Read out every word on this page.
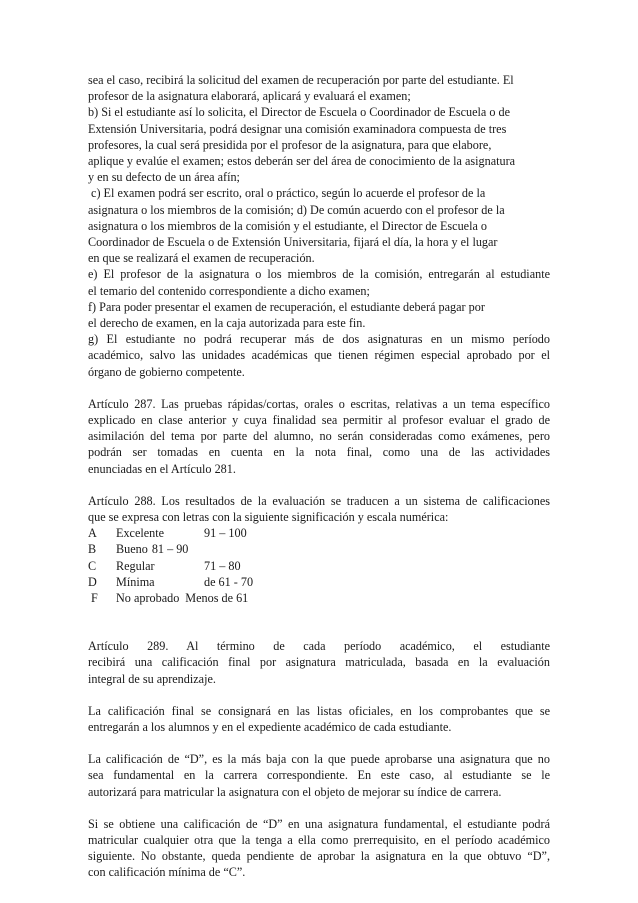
sea el caso, recibirá la solicitud del examen de recuperación por parte del estudiante. El
profesor de la asignatura elaborará, aplicará y evaluará el examen;
b) Si el estudiante así lo solicita, el Director de Escuela o Coordinador de Escuela o de
Extensión Universitaria, podrá designar una comisión examinadora compuesta de tres
profesores, la cual será presidida por el profesor de la asignatura, para que elabore,
aplique y evalúe el examen; estos deberán ser del área de conocimiento de la asignatura
y en su defecto de un área afín;
c) El examen podrá ser escrito, oral o práctico, según lo acuerde el profesor de la
asignatura o los miembros de la comisión; d) De común acuerdo con el profesor de la
asignatura o los miembros de la comisión y el estudiante, el Director de Escuela o
Coordinador de Escuela o de Extensión Universitaria, fijará el día, la hora y el lugar
en que se realizará el examen de recuperación.
e) El profesor de la asignatura o los miembros de la comisión, entregarán al estudiante
el temario del contenido correspondiente a dicho examen;
f) Para poder presentar el examen de recuperación, el estudiante deberá pagar por
el derecho de examen, en la caja autorizada para este fin.
g) El estudiante no podrá recuperar más de dos asignaturas en un mismo período
académico, salvo las unidades académicas que tienen régimen especial aprobado por el
órgano de gobierno competente.
Artículo 287. Las pruebas rápidas/cortas, orales o escritas, relativas a un tema específico
explicado en clase anterior y cuya finalidad sea permitir al profesor evaluar el grado de
asimilación del tema por parte del alumno, no serán consideradas como exámenes, pero
podrán ser tomadas en cuenta en la nota final, como una de las actividades
enunciadas en el Artículo 281.
Artículo 288. Los resultados de la evaluación se traducen a un sistema de calificaciones
que se expresa con letras con la siguiente significación y escala numérica:
A	Excelente	91 – 100
B	Bueno 81 – 90
C	Regular	71 – 80
D	Mínima	de 61 - 70
F	No aprobado Menos de 61
Artículo 289. Al término de cada período académico, el estudiante
recibirá una calificación final por asignatura matriculada, basada en la evaluación
integral de su aprendizaje.
La calificación final se consignará en las listas oficiales, en los comprobantes que se
entregarán a los alumnos y en el expediente académico de cada estudiante.
La calificación de “D”, es la más baja con la que puede aprobarse una asignatura que no
sea fundamental en la carrera correspondiente. En este caso, al estudiante se le
autorizará para matricular la asignatura con el objeto de mejorar su índice de carrera.
Si se obtiene una calificación de “D” en una asignatura fundamental, el estudiante podrá
matricular cualquier otra que la tenga a ella como prerrequisito, en el período académico
siguiente. No obstante, queda pendiente de aprobar la asignatura en la que obtuvo “D”,
con calificación mínima de “C”.
